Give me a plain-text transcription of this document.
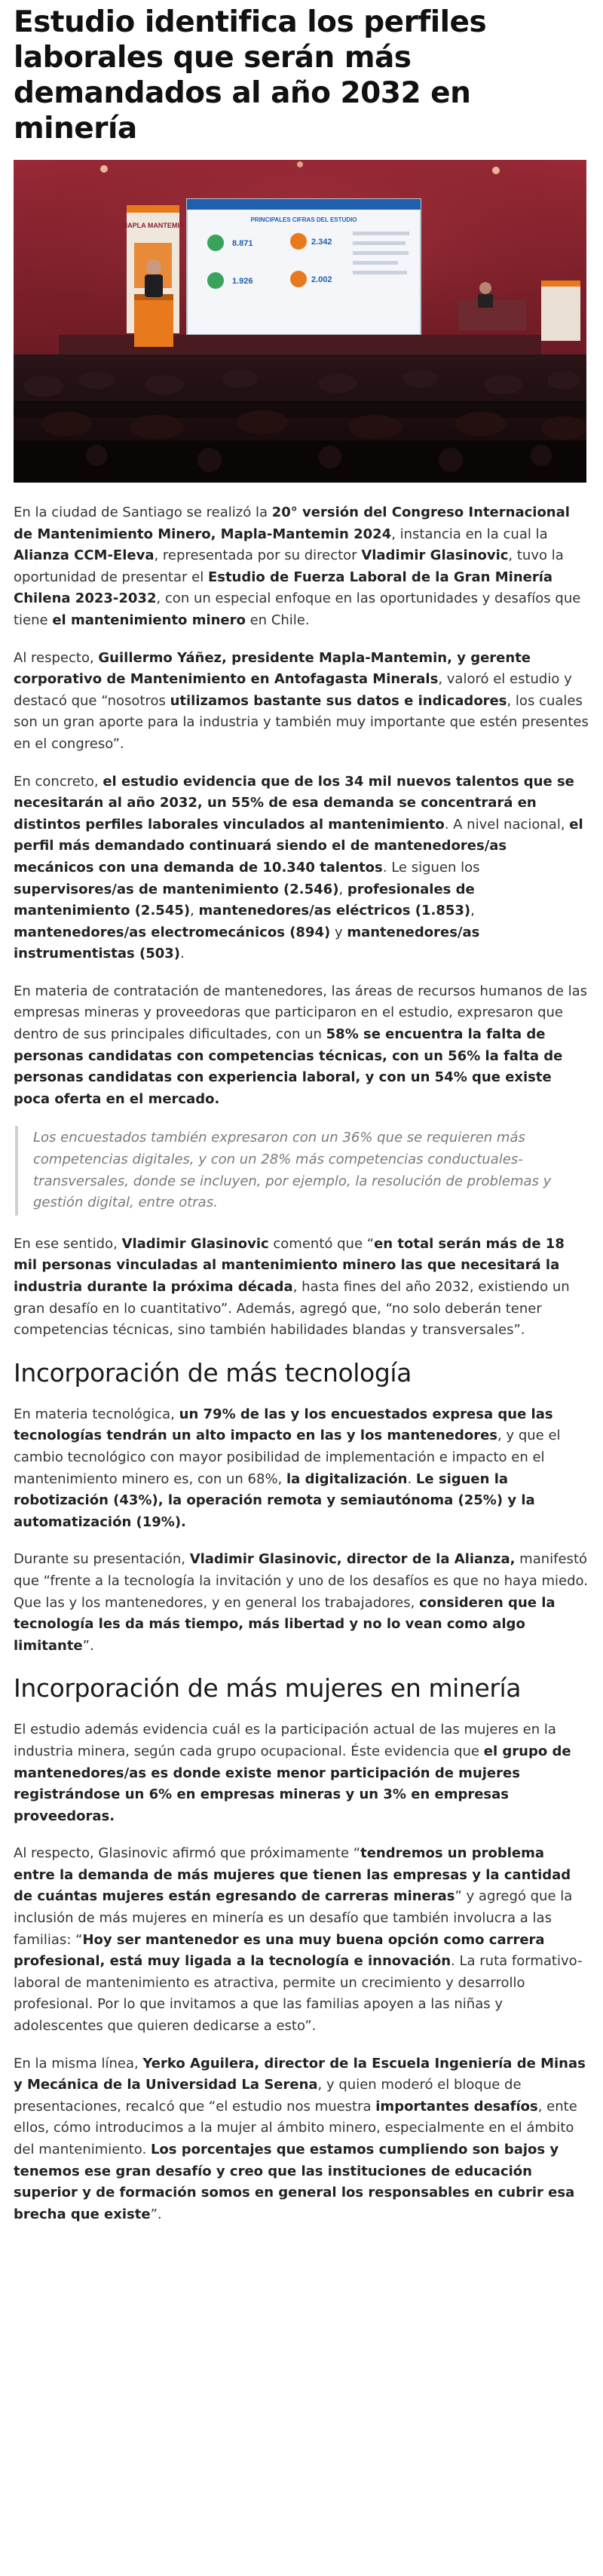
Estudio identifica los perfiles laborales que serán más demandados al año 2032 en minería
MAPLA MANTEMIN
PRINCIPALES CIFRAS DEL ESTUDIO
8.871	2.342
1.926	2.002

En la ciudad de Santiago se realizó la 20° versión del Congreso Internacional de Mantenimiento Minero, Mapla-Mantemin 2024, instancia en la cual la Alianza CCM-Eleva, representada por su director Vladimir Glasinovic, tuvo la oportunidad de presentar el Estudio de Fuerza Laboral de la Gran Minería Chilena 2023-2032, con un especial enfoque en las oportunidades y desafíos que tiene el mantenimiento minero en Chile.

Al respecto, Guillermo Yáñez, presidente Mapla-Mantemin, y gerente corporativo de Mantenimiento en Antofagasta Minerals, valoró el estudio y destacó que “nosotros utilizamos bastante sus datos e indicadores, los cuales son un gran aporte para la industria y también muy importante que estén presentes en el congreso”.

En concreto, el estudio evidencia que de los 34 mil nuevos talentos que se necesitarán al año 2032, un 55% de esa demanda se concentrará en distintos perfiles laborales vinculados al mantenimiento. A nivel nacional, el perfil más demandado continuará siendo el de mantenedores/as mecánicos con una demanda de 10.340 talentos. Le siguen los supervisores/as de mantenimiento (2.546), profesionales de mantenimiento (2.545), mantenedores/as eléctricos (1.853), mantenedores/as electromecánicos (894) y mantenedores/as instrumentistas (503).

En materia de contratación de mantenedores, las áreas de recursos humanos de las empresas mineras y proveedoras que participaron en el estudio, expresaron que dentro de sus principales dificultades, con un 58% se encuentra la falta de personas candidatas con competencias técnicas, con un 56% la falta de personas candidatas con experiencia laboral, y con un 54% que existe poca oferta en el mercado.

Los encuestados también expresaron con un 36% que se requieren más competencias digitales, y con un 28% más competencias conductuales-transversales, donde se incluyen, por ejemplo, la resolución de problemas y gestión digital, entre otras.

En ese sentido, Vladimir Glasinovic comentó que “en total serán más de 18 mil personas vinculadas al mantenimiento minero las que necesitará la industria durante la próxima década, hasta fines del año 2032, existiendo un gran desafío en lo cuantitativo”. Además, agregó que, “no solo deberán tener competencias técnicas, sino también habilidades blandas y transversales”.

Incorporación de más tecnología

En materia tecnológica, un 79% de las y los encuestados expresa que las tecnologías tendrán un alto impacto en las y los mantenedores, y que el cambio tecnológico con mayor posibilidad de implementación e impacto en el mantenimiento minero es, con un 68%, la digitalización. Le siguen la robotización (43%), la operación remota y semiautónoma (25%) y la automatización (19%).

Durante su presentación, Vladimir Glasinovic, director de la Alianza, manifestó que “frente a la tecnología la invitación y uno de los desafíos es que no haya miedo. Que las y los mantenedores, y en general los trabajadores, consideren que la tecnología les da más tiempo, más libertad y no lo vean como algo limitante”.

Incorporación de más mujeres en minería

El estudio además evidencia cuál es la participación actual de las mujeres en la industria minera, según cada grupo ocupacional. Éste evidencia que el grupo de mantenedores/as es donde existe menor participación de mujeres registrándose un 6% en empresas mineras y un 3% en empresas proveedoras.

Al respecto, Glasinovic afirmó que próximamente “tendremos un problema entre la demanda de más mujeres que tienen las empresas y la cantidad de cuántas mujeres están egresando de carreras mineras” y agregó que la inclusión de más mujeres en minería es un desafío que también involucra a las familias: “Hoy ser mantenedor es una muy buena opción como carrera profesional, está muy ligada a la tecnología e innovación. La ruta formativo-laboral de mantenimiento es atractiva, permite un crecimiento y desarrollo profesional. Por lo que invitamos a que las familias apoyen a las niñas y adolescentes que quieren dedicarse a esto”.

En la misma línea, Yerko Aguilera, director de la Escuela Ingeniería de Minas y Mecánica de la Universidad La Serena, y quien moderó el bloque de presentaciones, recalcó que “el estudio nos muestra importantes desafíos, ente ellos, cómo introducimos a la mujer al ámbito minero, especialmente en el ámbito del mantenimiento. Los porcentajes que estamos cumpliendo son bajos y tenemos ese gran desafío y creo que las instituciones de educación superior y de formación somos en general los responsables en cubrir esa brecha que existe”.
